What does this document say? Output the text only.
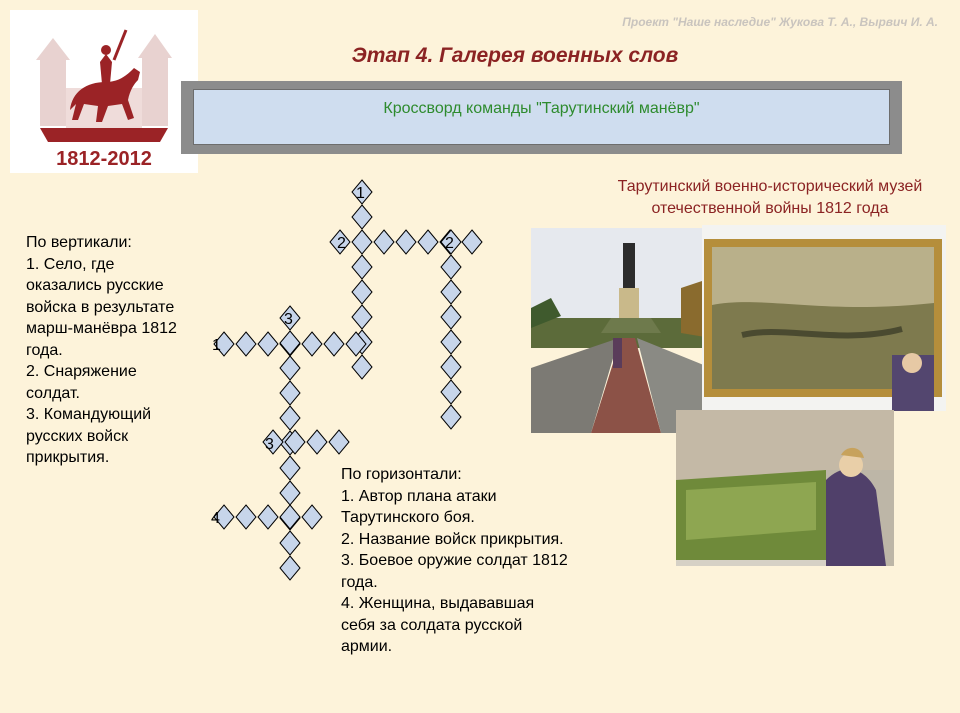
1812-2012
Проект "Наше наследие" Жукова Т. А., Вырвич И. А.
Этап 4. Галерея военных слов
Кроссворд команды "Тарутинский манёвр"
1
2	2
3
1
3
4

По вертикали:

1. Село, где оказались русские войска в результате марш-манёвра 1812 года.

2. Снаряжение солдат.

3. Командующий русских войск прикрытия.

По горизонтали:

1. Автор плана атаки Тарутинского боя.

2. Название войск прикрытия.

3. Боевое оружие солдат 1812 года.

4. Женщина, выдававшая себя за солдата русской армии.

Тарутинский военно-исторический музей отечественной войны 1812 года
